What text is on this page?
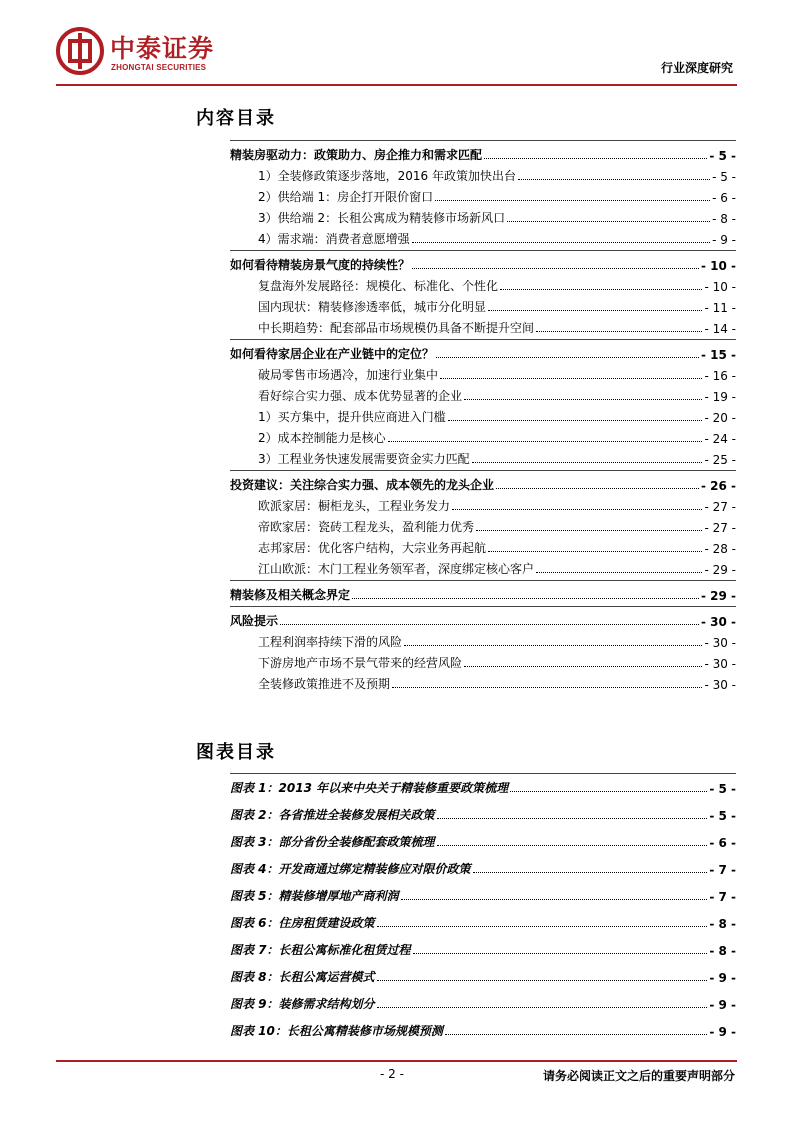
中泰证券
ZHONGTAI SECURITIES	行业深度研究
内容目录
精装房驱动力：政策助力、房企推力和需求匹配	- 5 -
1）全装修政策逐步落地，2016 年政策加快出台	- 5 -
2）供给端 1：房企打开限价窗口	- 6 -
3）供给端 2：长租公寓成为精装修市场新风口	- 8 -
4）需求端：消费者意愿增强	- 9 -
如何看待精装房景气度的持续性？	- 10 -
复盘海外发展路径：规模化、标准化、个性化	- 10 -
国内现状：精装修渗透率低，城市分化明显	- 11 -
中长期趋势：配套部品市场规模仍具备不断提升空间	- 14 -
如何看待家居企业在产业链中的定位？	- 15 -
破局零售市场遇冷，加速行业集中	- 16 -
看好综合实力强、成本优势显著的企业	- 19 -
1）买方集中，提升供应商进入门槛	- 20 -
2）成本控制能力是核心	- 24 -
3）工程业务快速发展需要资金实力匹配	- 25 -
投资建议：关注综合实力强、成本领先的龙头企业	- 26 -
欧派家居：橱柜龙头，工程业务发力	- 27 -
帝欧家居：瓷砖工程龙头，盈利能力优秀	- 27 -
志邦家居：优化客户结构，大宗业务再起航	- 28 -
江山欧派：木门工程业务领军者，深度绑定核心客户	- 29 -
精装修及相关概念界定	- 29 -
风险提示	- 30 -
工程利润率持续下滑的风险	- 30 -
下游房地产市场不景气带来的经营风险	- 30 -
全装修政策推进不及预期	- 30 -
图表目录
图表 1：2013 年以来中央关于精装修重要政策梳理	- 5 -
图表 2：各省推进全装修发展相关政策	- 5 -
图表 3：部分省份全装修配套政策梳理	- 6 -
图表 4：开发商通过绑定精装修应对限价政策	- 7 -
图表 5：精装修增厚地产商利润	- 7 -
图表 6：住房租赁建设政策	- 8 -
图表 7：长租公寓标准化租赁过程	- 8 -
图表 8：长租公寓运营模式	- 9 -
图表 9：装修需求结构划分	- 9 -
图表 10：长租公寓精装修市场规模预测	- 9 -
- 2 -	请务必阅读正文之后的重要声明部分
